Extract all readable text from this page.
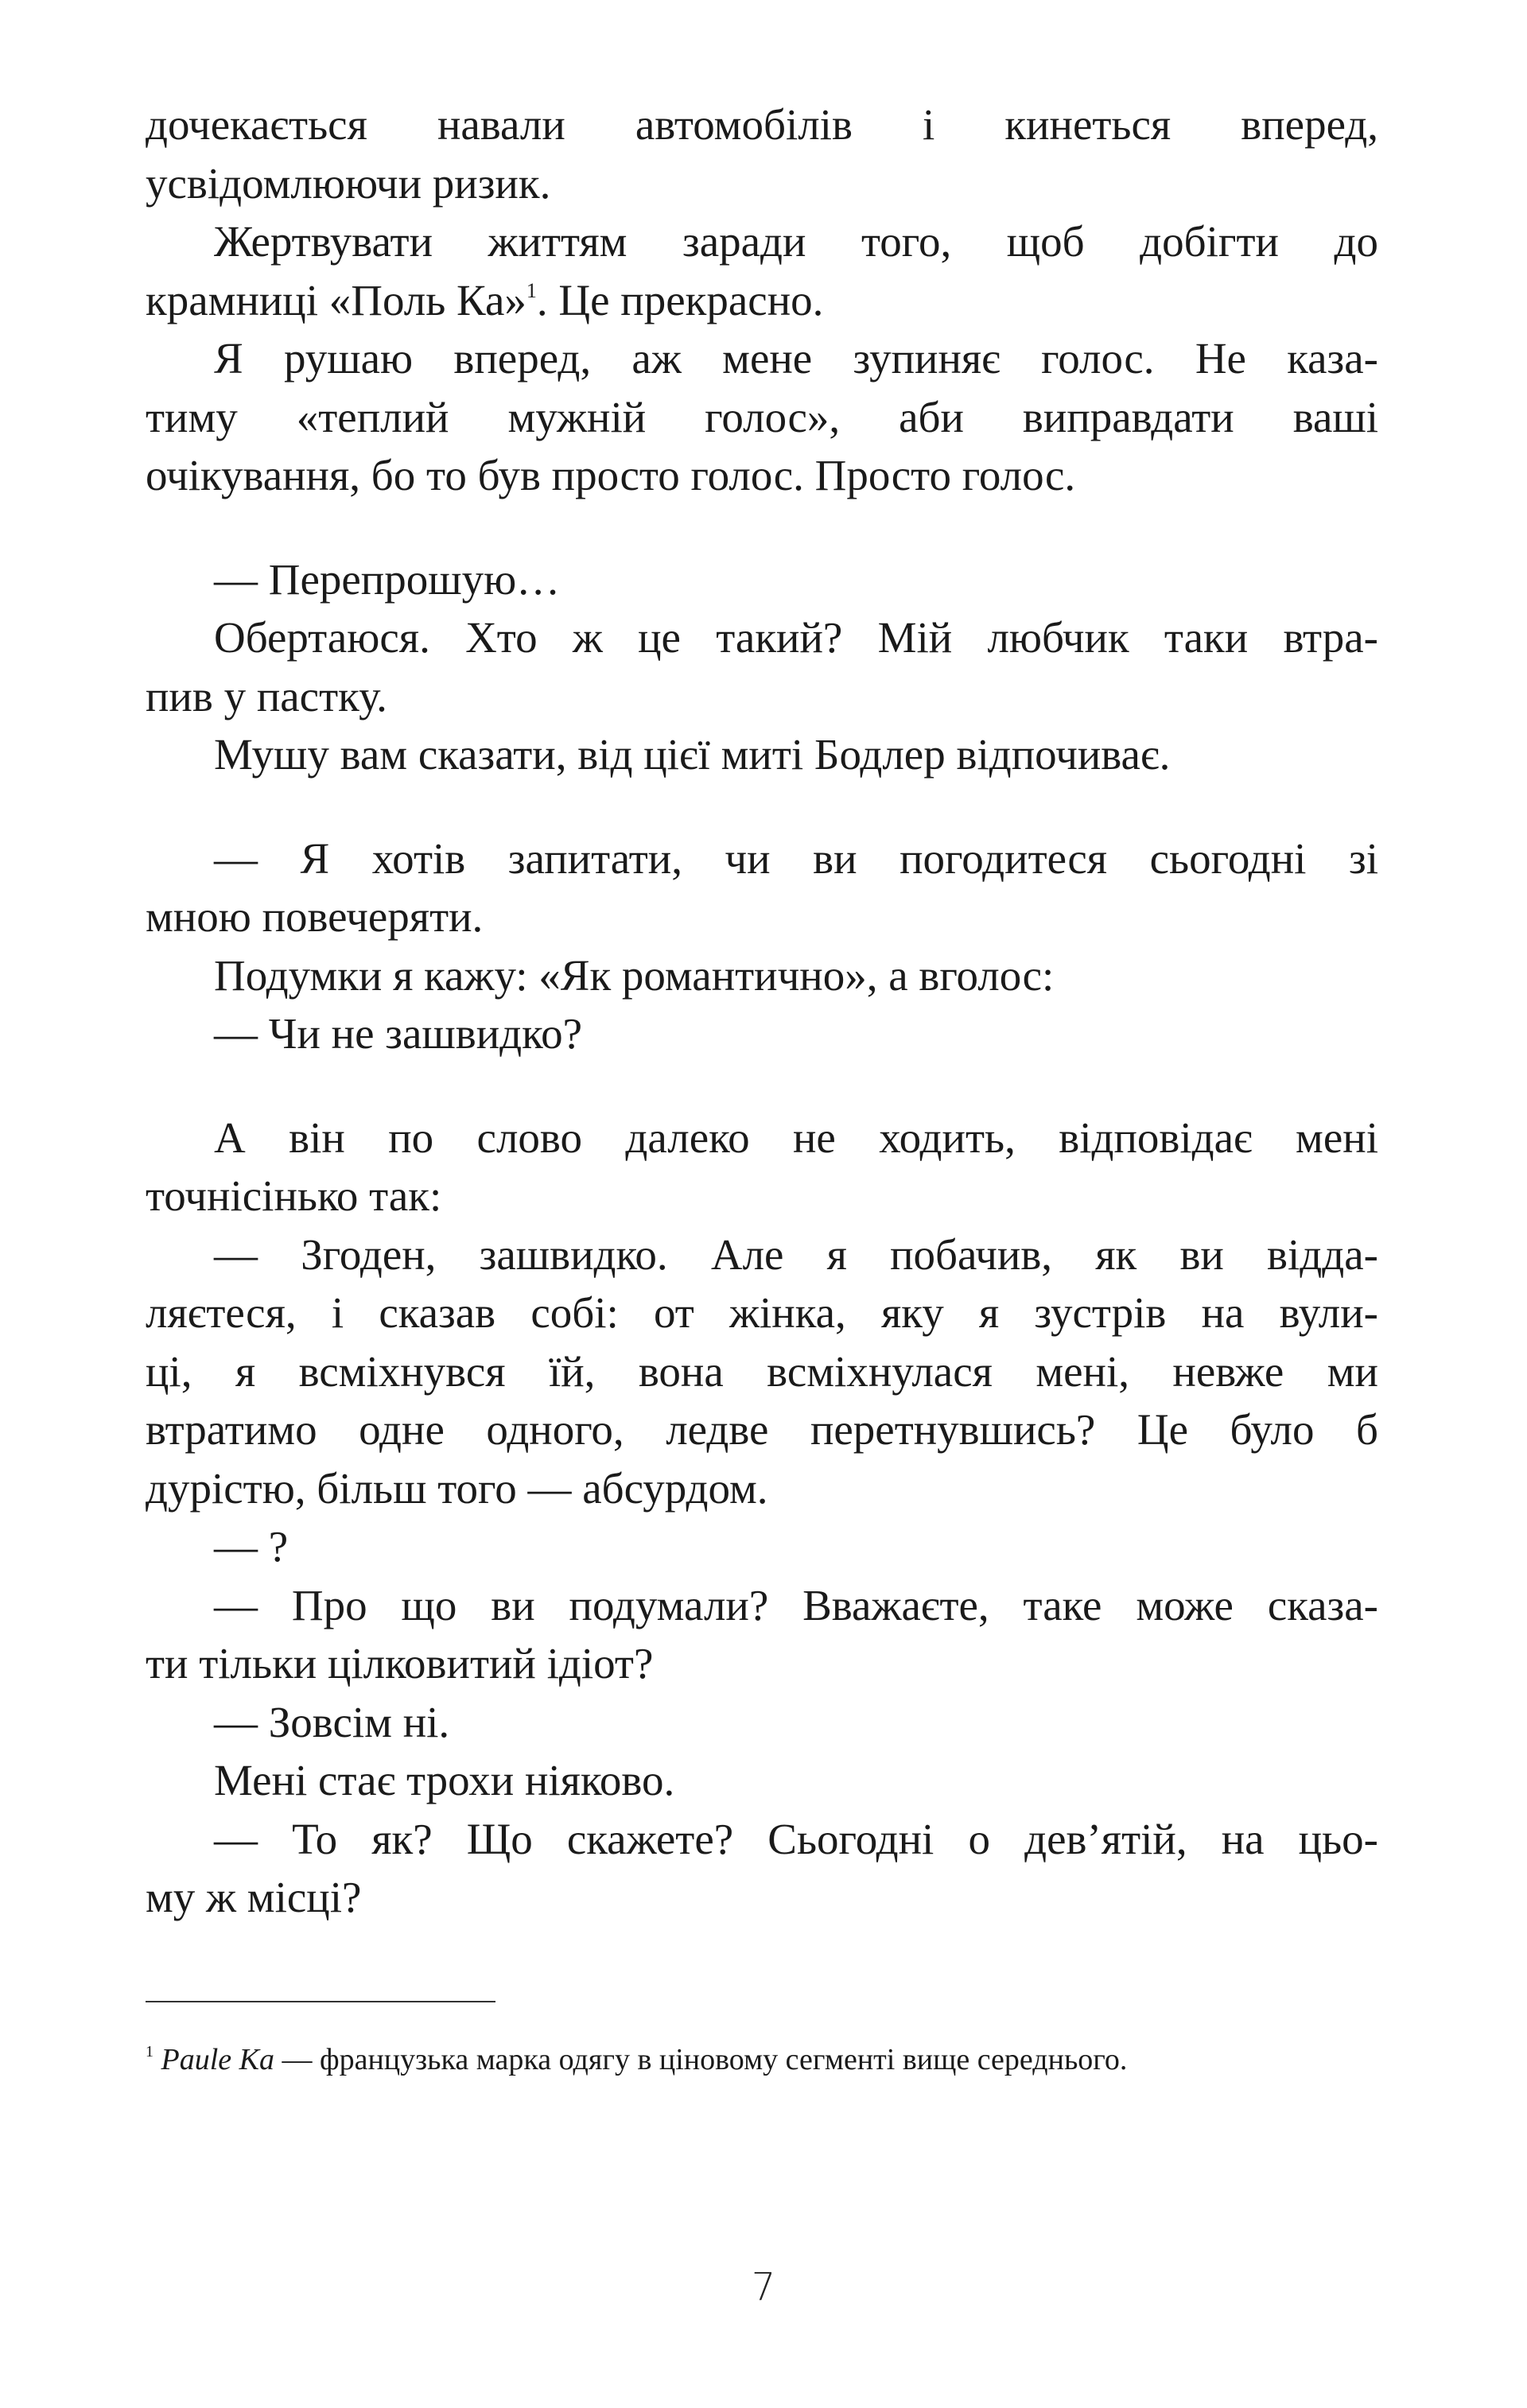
дочекається навали автомобілів і кинеться вперед,
усвідомлюючи ризик.
Жертвувати життям заради того, щоб добігти до
крамниці «Поль Ка»$^1$. Це прекрасно.
Я рушаю вперед, аж мене зупиняє голос. Не каза-
тиму «теплий мужній голос», аби виправдати ваші
очікування, бо то був просто голос. Просто голос.
— Перепрошую…
Обертаюся. Хто ж це такий? Мій любчик таки втра-
пив у пастку.
Мушу вам сказати, від цієї миті Бодлер відпочиває.
— Я хотів запитати, чи ви погодитеся сьогодні зі
мною повечеряти.
Подумки я кажу: «Як романтично», а вголос:
— Чи не зашвидко?
А він по слово далеко не ходить, відповідає мені
точнісінько так:
— Згоден, зашвидко. Але я побачив, як ви відда-
ляєтеся, і сказав собі: от жінка, яку я зустрів на вули-
ці, я всміхнувся їй, вона всміхнулася мені, невже ми
втратимо одне одного, ледве перетнувшись? Це було б
дурістю, більш того — абсурдом.
— ?
— Про що ви подумали? Вважаєте, таке може сказа-
ти тільки цілковитий ідіот?
— Зовсім ні.
Мені стає трохи ніяково.
— То як? Що скажете? Сьогодні о дев’ятій, на цьо-
му ж місці?
$^1$ Paule Ka — французька марка одягу в ціновому сегменті вище середнього.
7
